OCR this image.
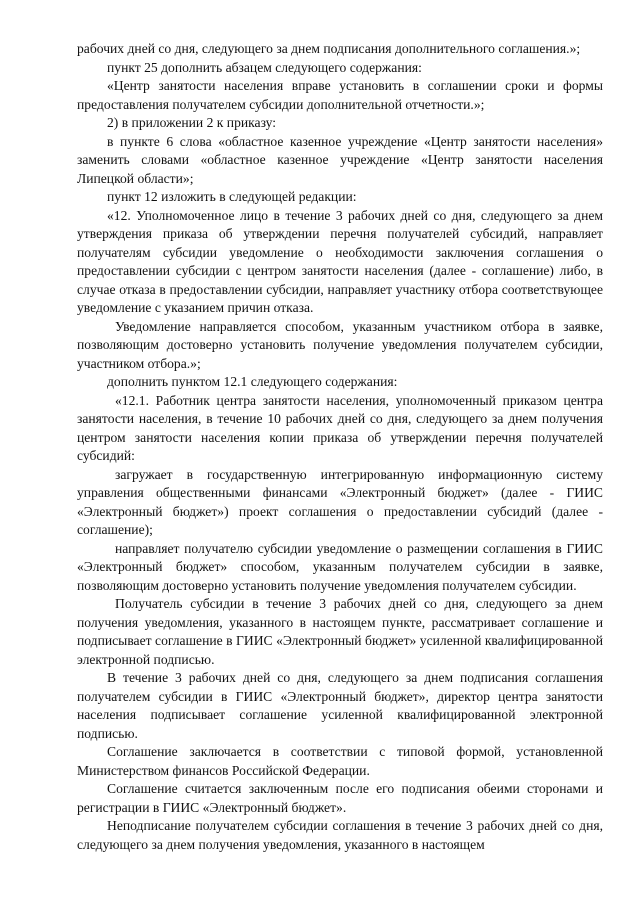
рабочих дней со дня, следующего за днем подписания дополнительного соглашения.»;

пункт 25 дополнить абзацем следующего содержания:

«Центр занятости населения вправе установить в соглашении сроки и формы предоставления получателем субсидии дополнительной отчетности.»;

2) в приложении 2 к приказу:

в пункте 6 слова «областное казенное учреждение «Центр занятости населения» заменить словами «областное казенное учреждение «Центр занятости населения Липецкой области»;

пункт 12 изложить в следующей редакции:

«12. Уполномоченное лицо в течение 3 рабочих дней со дня, следующего за днем утверждения приказа об утверждении перечня получателей субсидий, направляет получателям субсидии уведомление о необходимости заключения соглашения о предоставлении субсидии с центром занятости населения (далее - соглашение) либо, в случае отказа в предоставлении субсидии, направляет участнику отбора соответствующее уведомление с указанием причин отказа.

Уведомление направляется способом, указанным участником отбора в заявке, позволяющим достоверно установить получение уведомления получателем субсидии, участником отбора.»;

дополнить пунктом 12.1 следующего содержания:

«12.1. Работник центра занятости населения, уполномоченный приказом центра занятости населения, в течение 10 рабочих дней со дня, следующего за днем получения центром занятости населения копии приказа об утверждении перечня получателей субсидий:

загружает в государственную интегрированную информационную систему управления общественными финансами «Электронный бюджет» (далее - ГИИС «Электронный бюджет») проект соглашения о предоставлении субсидий (далее - соглашение);

направляет получателю субсидии уведомление о размещении соглашения в ГИИС «Электронный бюджет» способом, указанным получателем субсидии в заявке, позволяющим достоверно установить получение уведомления получателем субсидии.

Получатель субсидии в течение 3 рабочих дней со дня, следующего за днем получения уведомления, указанного в настоящем пункте, рассматривает соглашение и подписывает соглашение в ГИИС «Электронный бюджет» усиленной квалифицированной электронной подписью.

В течение 3 рабочих дней со дня, следующего за днем подписания соглашения получателем субсидии в ГИИС «Электронный бюджет», директор центра занятости населения подписывает соглашение усиленной квалифицированной электронной подписью.

Соглашение заключается в соответствии с типовой формой, установленной Министерством финансов Российской Федерации.

Соглашение считается заключенным после его подписания обеими сторонами и регистрации в ГИИС «Электронный бюджет».

Неподписание получателем субсидии соглашения в течение 3 рабочих дней со дня, следующего за днем получения уведомления, указанного в настоящем
